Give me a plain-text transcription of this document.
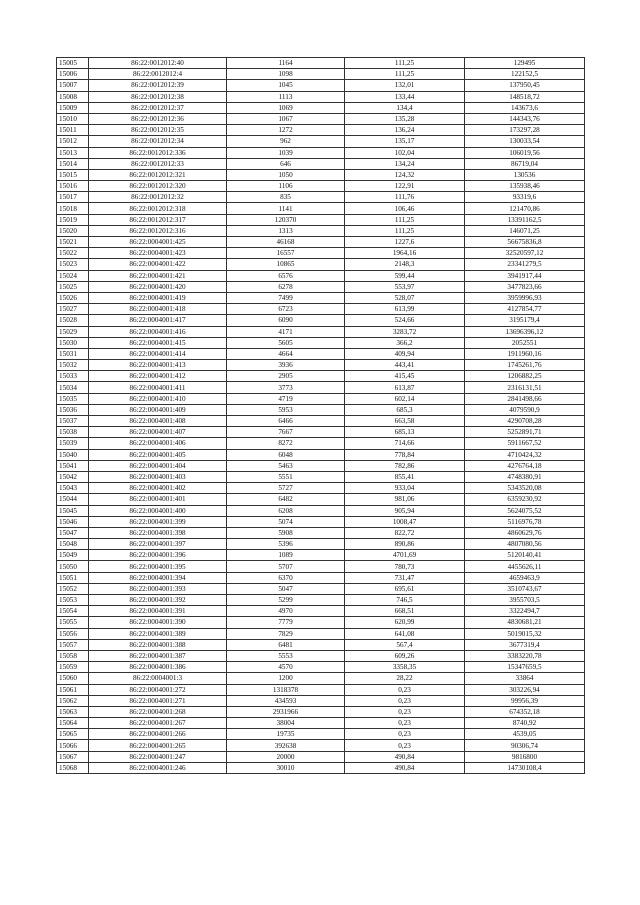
15005	86:22:0012012:40	1164	111,25	129495
15006	86:22:0012012:4	1098	111,25	122152,5
15007	86:22:0012012:39	1045	132,01	137950,45
15008	86:22:0012012:38	1113	133,44	148518,72
15009	86:22:0012012:37	1069	134,4	143673,6
15010	86:22:0012012:36	1067	135,28	144343,76
15011	86:22:0012012:35	1272	136,24	173297,28
15012	86:22:0012012:34	962	135,17	130033,54
15013	86:22:0012012:336	1039	102,04	106019,56
15014	86:22:0012012:33	646	134,24	86719,04
15015	86:22:0012012:321	1050	124,32	130536
15016	86:22:0012012:320	1106	122,91	135938,46
15017	86:22:0012012:32	835	111,76	93319,6
15018	86:22:0012012:318	1141	106,46	121470,86
15019	86:22:0012012:317	120370	111,25	13391162,5
15020	86:22:0012012:316	1313	111,25	146071,25
15021	86:22:0004001:425	46168	1227,6	56675836,8
15022	86:22:0004001:423	16557	1964,16	32520597,12
15023	86:22:0004001:422	10865	2148,3	23341279,5
15024	86:22:0004001:421	6576	599,44	3941917,44
15025	86:22:0004001:420	6278	553,97	3477823,66
15026	86:22:0004001:419	7499	528,07	3959996,93
15027	86:22:0004001:418	6723	613,99	4127854,77
15028	86:22:0004001:417	6090	524,66	3195179,4
15029	86:22:0004001:416	4171	3283,72	13696396,12
15030	86:22:0004001:415	5605	366,2	2052551
15031	86:22:0004001:414	4664	409,94	1911960,16
15032	86:22:0004001:413	3936	443,41	1745261,76
15033	86:22:0004001:412	2905	415,45	1206882,25
15034	86:22:0004001:411	3773	613,87	2316131,51
15035	86:22:0004001:410	4719	602,14	2841498,66
15036	86:22:0004001:409	5953	685,3	4079590,9
15037	86:22:0004001:408	6466	663,58	4290708,28
15038	86:22:0004001:407	7667	685,13	5252891,71
15039	86:22:0004001:406	8272	714,66	5911667,52
15040	86:22:0004001:405	6048	778,84	4710424,32
15041	86:22:0004001:404	5463	782,86	4276764,18
15042	86:22:0004001:403	5551	855,41	4748380,91
15043	86:22:0004001:402	5727	933,04	5343520,08
15044	86:22:0004001:401	6482	981,06	6359230,92
15045	86:22:0004001:400	6208	905,94	5624075,52
15046	86:22:0004001:399	5074	1008,47	5116976,78
15047	86:22:0004001:398	5908	822,72	4860629,76
15048	86:22:0004001:397	5396	890,86	4807080,56
15049	86:22:0004001:396	1089	4701,69	5120140,41
15050	86:22:0004001:395	5707	780,73	4455626,11
15051	86:22:0004001:394	6370	731,47	4659463,9
15052	86:22:0004001:393	5047	695,61	3510743,67
15053	86:22:0004001:392	5299	746,5	3955703,5
15054	86:22:0004001:391	4970	668,51	3322494,7
15055	86:22:0004001:390	7779	620,99	4830681,21
15056	86:22:0004001:389	7829	641,08	5019015,32
15057	86:22:0004001:388	6481	567,4	3677319,4
15058	86:22:0004001:387	5553	609,26	3383220,78
15059	86:22:0004001:386	4570	3358,35	15347659,5
15060	86:22:0004001:3	1200	28,22	33864
15061	86:22:0004001:272	1318378	0,23	303226,94
15062	86:22:0004001:271	434593	0,23	99956,39
15063	86:22:0004001:268	2931966	0,23	674352,18
15064	86:22:0004001:267	38004	0,23	8740,92
15065	86:22:0004001:266	19735	0,23	4539,05
15066	86:22:0004001:265	392638	0,23	90306,74
15067	86:22:0004001:247	20000	490,84	9816800
15068	86:22:0004001:246	30010	490,84	14730108,4
